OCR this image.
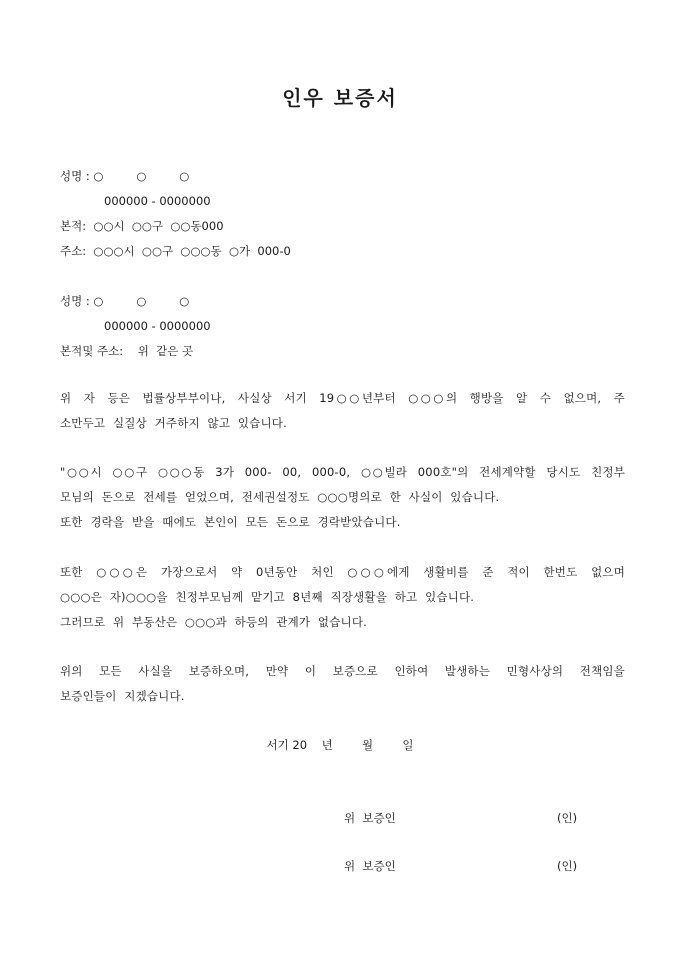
인우 보증서
성명 : ○         ○         ○
000000 - 0000000
본적:  ○○시  ○○구  ○○동000
주소:  ○○○시  ○○구  ○○○동  ○가  000-0
성명 : ○         ○         ○
000000 - 0000000
본적및 주소:    위  같은 곳
위  자  등은  법률상부부이나,  사실상  서기  19○○년부터  ○○○의  행방을  알  수  없으며,  주
소만두고  실질상  거주하지  않고  있습니다.
"○○시  ○○구  ○○○동  3가  000-  00,  000-0,  ○○빌라  000호"의  전세계약할  당시도  친정부
모님의  돈으로  전세를  얻었으며,  전세권설정도  ○○○명의로  한  사실이  있습니다.
또한  경락을  받을  때에도  본인이  모든  돈으로  경락받았습니다.
또한  ○○○은  가장으로서  약  0년동안  처인  ○○○에게  생활비를  준  적이  한번도  없으며
○○○은  자)○○○을  친정부모님께  맡기고  8년째  직장생활을  하고  있습니다.
그러므로  위  부동산은  ○○○과  하등의  관계가  없습니다.
위의  모든  사실을  보증하오며,  만약  이  보증으로  인하여  발생하는  민형사상의  전책임을
보증인들이  지겠습니다.
서기 20    년        월        일
위  보증인	(인)
위  보증인	(인)
